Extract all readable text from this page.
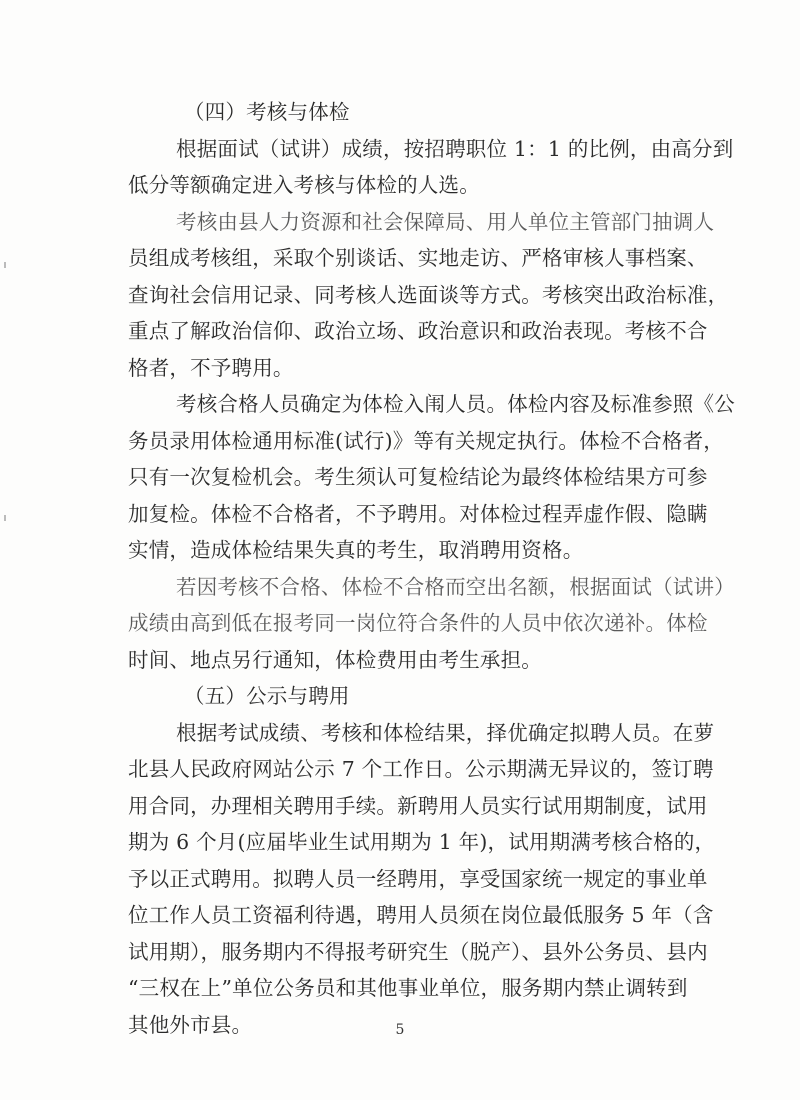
（四）考核与体检
根据面试（试讲）成绩，按招聘职位 1：1 的比例，由高分到
低分等额确定进入考核与体检的人选。
考核由县人力资源和社会保障局、用人单位主管部门抽调人
员组成考核组，采取个别谈话、实地走访、严格审核人事档案、
查询社会信用记录、同考核人选面谈等方式。考核突出政治标准，
重点了解政治信仰、政治立场、政治意识和政治表现。考核不合
格者，不予聘用。
考核合格人员确定为体检入闱人员。体检内容及标准参照《公
务员录用体检通用标准(试行)》等有关规定执行。体检不合格者，
只有一次复检机会。考生须认可复检结论为最终体检结果方可参
加复检。体检不合格者，不予聘用。对体检过程弄虚作假、隐瞒
实情，造成体检结果失真的考生，取消聘用资格。
若因考核不合格、体检不合格而空出名额，根据面试（试讲）
成绩由高到低在报考同一岗位符合条件的人员中依次递补。体检
时间、地点另行通知，体检费用由考生承担。
（五）公示与聘用
根据考试成绩、考核和体检结果，择优确定拟聘人员。在萝
北县人民政府网站公示 7 个工作日。公示期满无异议的，签订聘
用合同，办理相关聘用手续。新聘用人员实行试用期制度，试用
期为 6 个月(应届毕业生试用期为 1 年)，试用期满考核合格的，
予以正式聘用。拟聘人员一经聘用，享受国家统一规定的事业单
位工作人员工资福利待遇，聘用人员须在岗位最低服务 5 年（含
试用期），服务期内不得报考研究生（脱产）、县外公务员、县内
“三权在上”单位公务员和其他事业单位，服务期内禁止调转到
其他外市县。	5
